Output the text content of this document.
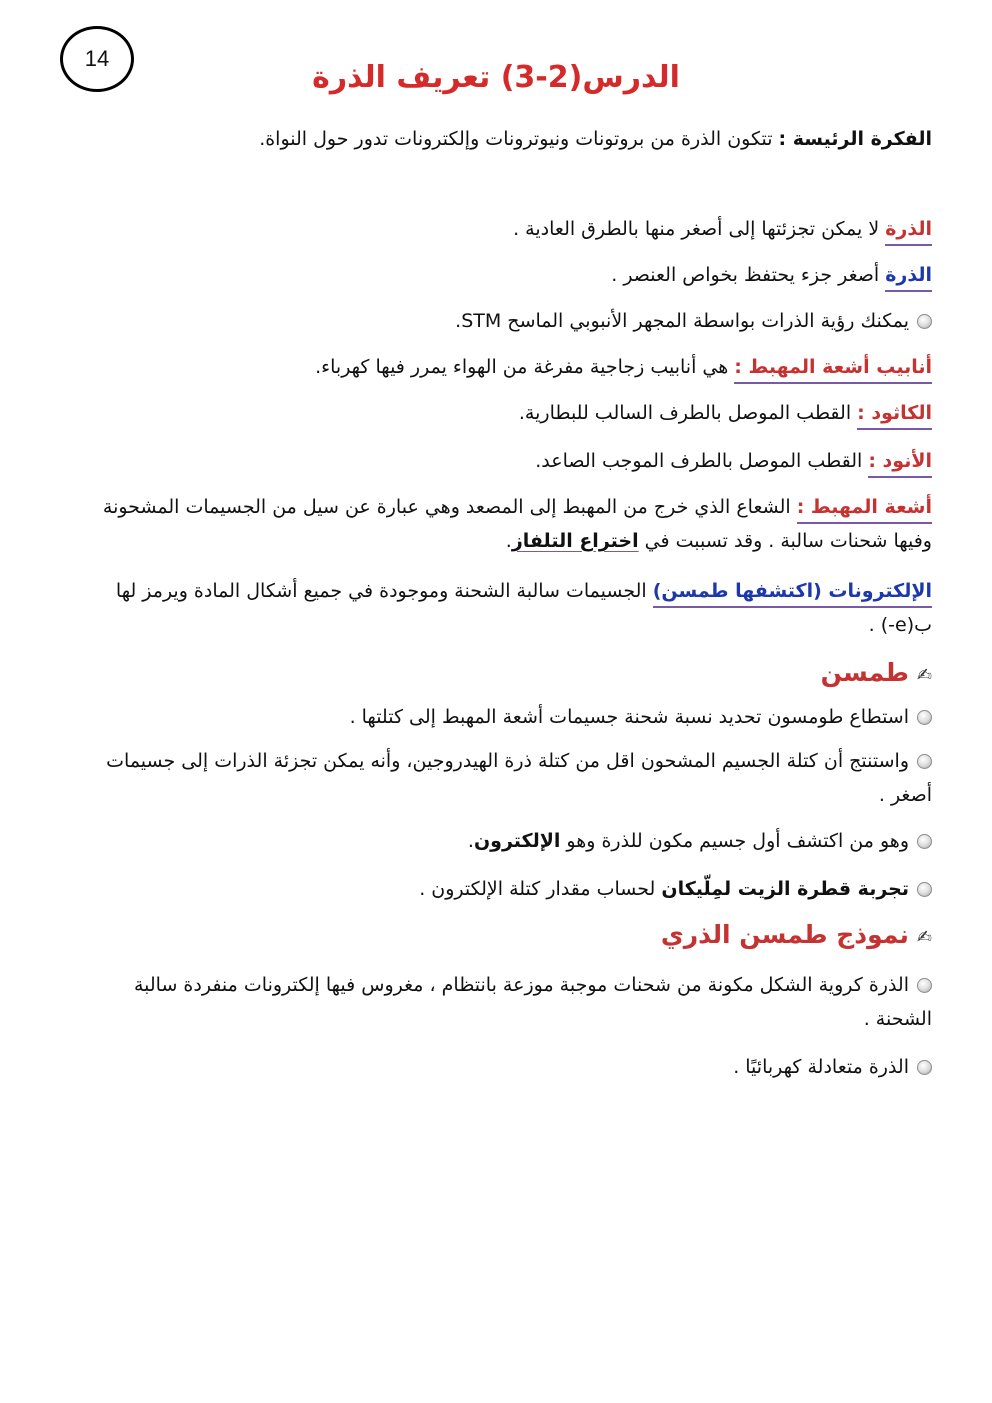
14
الدرس(2-3) تعريف الذرة
الفكرة الرئيسة : تتكون الذرة من بروتونات ونيوترونات وإلكترونات تدور حول النواة.
الذرة لا يمكن تجزئتها إلى أصغر منها بالطرق العادية .
الذرة أصغر جزء يحتفظ بخواص العنصر .
يمكنك رؤية الذرات بواسطة المجهر الأنبوبي الماسح STM.
أنابيب أشعة المهبط : هي أنابيب زجاجية مفرغة من الهواء يمرر فيها كهرباء.
الكاثود : القطب الموصل بالطرف السالب للبطارية.
الأنود : القطب الموصل بالطرف الموجب الصاعد.
أشعة المهبط : الشعاع الذي خرج من المهبط إلى المصعد وهي عبارة عن سيل من الجسيمات المشحونة وفيها شحنات سالبة . وقد تسببت في اختراع التلفاز.
الإلكترونات (اكتشفها طمسن) الجسيمات سالبة الشحنة وموجودة في جميع أشكال المادة ويرمز لها ب(e-) .
✍طمسن
استطاع طومسون تحديد نسبة شحنة جسيمات أشعة المهبط إلى كتلتها .
واستنتج أن كتلة الجسيم المشحون اقل من كتلة ذرة الهيدروجين، وأنه يمكن تجزئة الذرات إلى جسيمات أصغر .
وهو من اكتشف أول جسيم مكون للذرة وهو الإلكترون.
تجربة قطرة الزيت لمِلّيكان لحساب مقدار كتلة الإلكترون .
✍نموذج طمسن الذري
الذرة كروية الشكل مكونة من شحنات موجبة موزعة بانتظام ، مغروس فيها إلكترونات منفردة سالبة الشحنة .
الذرة متعادلة كهربائيًا .
